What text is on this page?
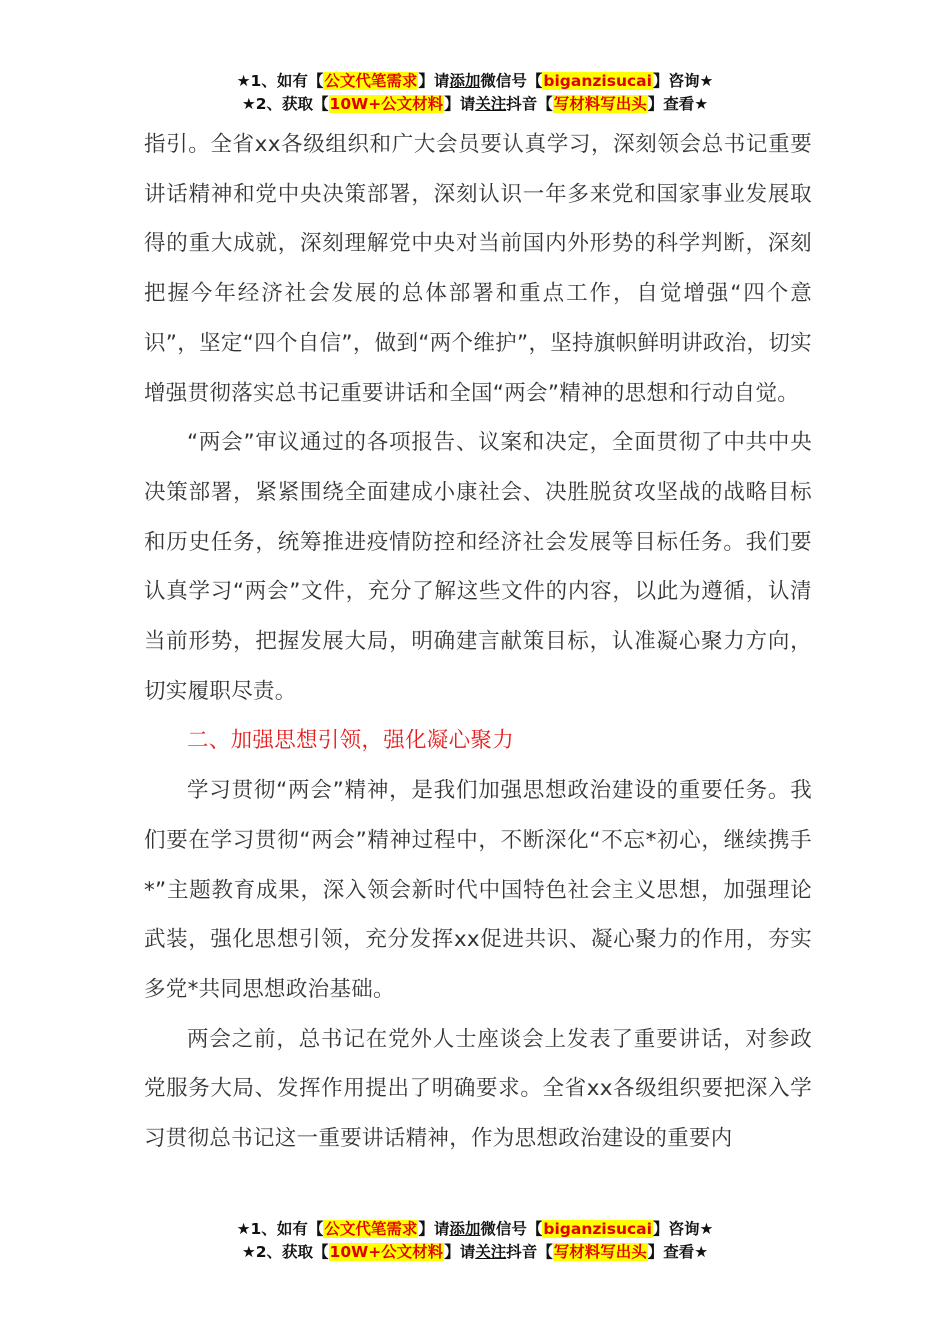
★1、如有【公文代笔需求】请添加微信号【biganzisucai】咨询★
★2、获取【10W+公文材料】请关注抖音【写材料写出头】查看★

指引。全省xx各级组织和广大会员要认真学习，深刻领会总书记重要讲话精神和党中央决策部署，深刻认识一年多来党和国家事业发展取得的重大成就，深刻理解党中央对当前国内外形势的科学判断，深刻把握今年经济社会发展的总体部署和重点工作，自觉增强“四个意识”，坚定“四个自信”，做到“两个维护”，坚持旗帜鲜明讲政治，切实增强贯彻落实总书记重要讲话和全国“两会”精神的思想和行动自觉。

“两会”审议通过的各项报告、议案和决定，全面贯彻了中共中央决策部署，紧紧围绕全面建成小康社会、决胜脱贫攻坚战的战略目标和历史任务，统筹推进疫情防控和经济社会发展等目标任务。我们要认真学习“两会”文件，充分了解这些文件的内容，以此为遵循，认清当前形势，把握发展大局，明确建言献策目标，认准凝心聚力方向，切实履职尽责。

二、加强思想引领，强化凝心聚力

学习贯彻“两会”精神，是我们加强思想政治建设的重要任务。我们要在学习贯彻“两会”精神过程中，不断深化“不忘*初心，继续携手*”主题教育成果，深入领会新时代中国特色社会主义思想，加强理论武装，强化思想引领，充分发挥xx促进共识、凝心聚力的作用，夯实多党*共同思想政治基础。

两会之前，总书记在党外人士座谈会上发表了重要讲话，对参政党服务大局、发挥作用提出了明确要求。全省xx各级组织要把深入学习贯彻总书记这一重要讲话精神，作为思想政治建设的重要内

★1、如有【公文代笔需求】请添加微信号【biganzisucai】咨询★
★2、获取【10W+公文材料】请关注抖音【写材料写出头】查看★
